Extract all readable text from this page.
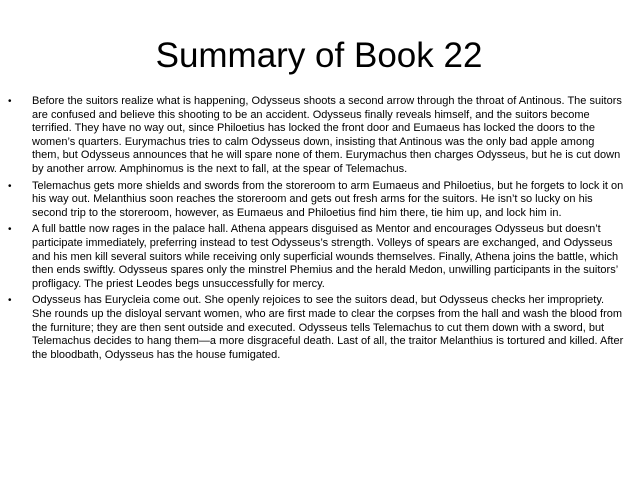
Summary of Book 22
•	Before the suitors realize what is happening, Odysseus shoots a second arrow through the throat of Antinous. The suitors are confused and believe this shooting to be an accident. Odysseus finally reveals himself, and the suitors become terrified. They have no way out, since Philoetius has locked the front door and Eumaeus has locked the doors to the women’s quarters. Eurymachus tries to calm Odysseus down, insisting that Antinous was the only bad apple among them, but Odysseus announces that he will spare none of them. Eurymachus then charges Odysseus, but he is cut down by another arrow. Amphinomus is the next to fall, at the spear of Telemachus.
•	Telemachus gets more shields and swords from the storeroom to arm Eumaeus and Philoetius, but he forgets to lock it on his way out. Melanthius soon reaches the storeroom and gets out fresh arms for the suitors. He isn’t so lucky on his second trip to the storeroom, however, as Eumaeus and Philoetius find him there, tie him up, and lock him in.
•	A full battle now rages in the palace hall. Athena appears disguised as Mentor and encourages Odysseus but doesn’t participate immediately, preferring instead to test Odysseus’s strength. Volleys of spears are exchanged, and Odysseus and his men kill several suitors while receiving only superficial wounds themselves. Finally, Athena joins the battle, which then ends swiftly. Odysseus spares only the minstrel Phemius and the herald Medon, unwilling participants in the suitors’ profligacy. The priest Leodes begs unsuccessfully for mercy.
•	Odysseus has Eurycleia come out. She openly rejoices to see the suitors dead, but Odysseus checks her impropriety. She rounds up the disloyal servant women, who are first made to clear the corpses from the hall and wash the blood from the furniture; they are then sent outside and executed. Odysseus tells Telemachus to cut them down with a sword, but Telemachus decides to hang them—a more disgraceful death. Last of all, the traitor Melanthius is tortured and killed. After the bloodbath, Odysseus has the house fumigated.
